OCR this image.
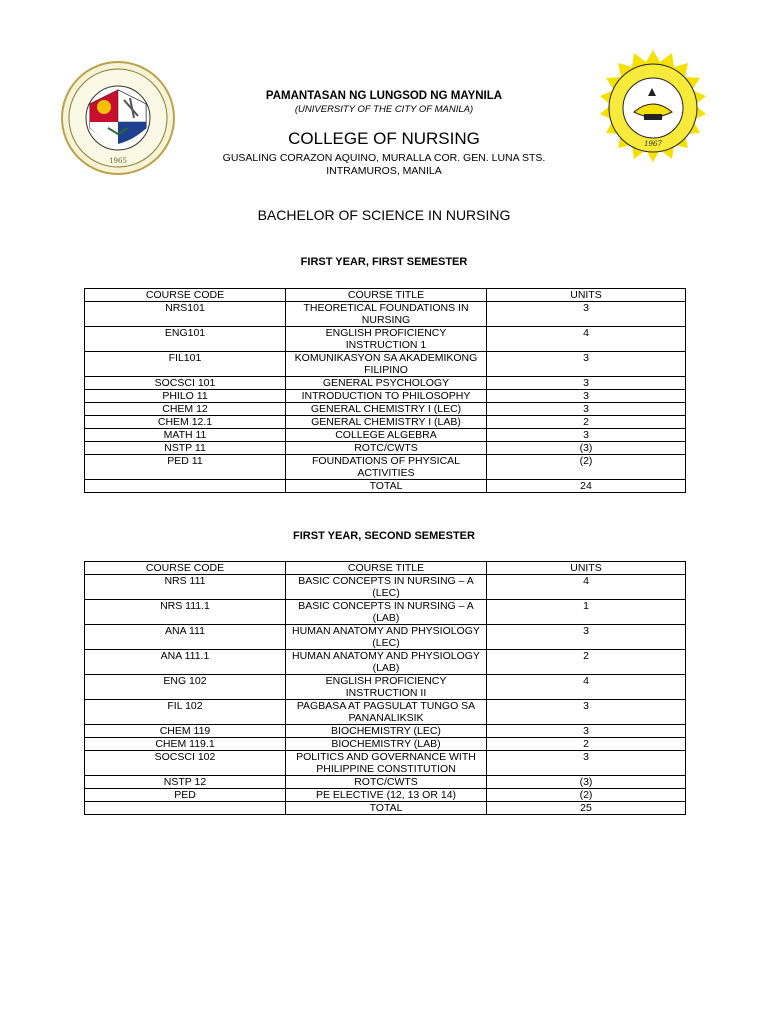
1965
1967
PAMANTASAN NG LUNGSOD NG MAYNILA
(UNIVERSITY OF THE CITY OF MANILA)
COLLEGE OF NURSING
GUSALING CORAZON AQUINO, MURALLA COR. GEN. LUNA STS.
INTRAMUROS, MANILA
BACHELOR OF SCIENCE IN NURSING
FIRST YEAR, FIRST SEMESTER
COURSE CODE	COURSE TITLE	UNITS
NRS101	THEORETICAL FOUNDATIONS IN NURSING	3
ENG101	ENGLISH PROFICIENCY INSTRUCTION 1	4
FIL101	KOMUNIKASYON SA AKADEMIKONG FILIPINO	3
SOCSCI 101	GENERAL PSYCHOLOGY	3
PHILO 11	INTRODUCTION TO PHILOSOPHY	3
CHEM 12	GENERAL CHEMISTRY I (LEC)	3
CHEM 12.1	GENERAL CHEMISTRY I (LAB)	2
MATH 11	COLLEGE ALGEBRA	3
NSTP 11	ROTC/CWTS	(3)
PED 11	FOUNDATIONS OF PHYSICAL ACTIVITIES	(2)
	TOTAL	24
FIRST YEAR, SECOND SEMESTER
COURSE CODE	COURSE TITLE	UNITS
NRS 111	BASIC CONCEPTS IN NURSING – A (LEC)	4
NRS 111.1	BASIC CONCEPTS IN NURSING – A (LAB)	1
ANA 111	HUMAN ANATOMY AND PHYSIOLOGY (LEC)	3
ANA 111.1	HUMAN ANATOMY AND PHYSIOLOGY (LAB)	2
ENG 102	ENGLISH PROFICIENCY INSTRUCTION II	4
FIL 102	PAGBASA AT PAGSULAT TUNGO SA PANANALIKSIK	3
CHEM 119	BIOCHEMISTRY (LEC)	3
CHEM 119.1	BIOCHEMISTRY (LAB)	2
SOCSCI 102	POLITICS AND GOVERNANCE WITH PHILIPPINE CONSTITUTION	3
NSTP 12	ROTC/CWTS	(3)
PED	PE ELECTIVE (12, 13 OR 14)	(2)
	TOTAL	25
